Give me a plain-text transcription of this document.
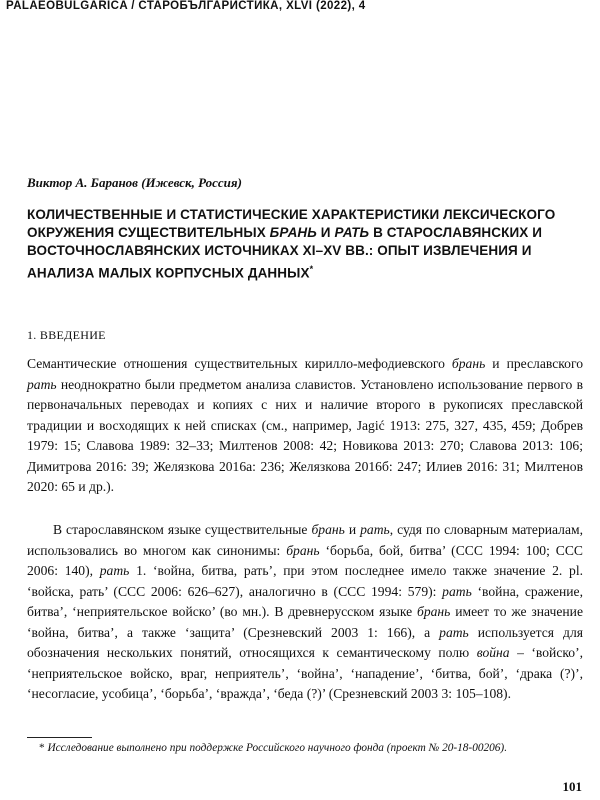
PALAEOBULGARICA / СТАРОБЪЛГАРИСТИКА, XLVI (2022), 4
Виктор А. Баранов (Ижевск, Россия)
КОЛИЧЕСТВЕННЫЕ И СТАТИСТИЧЕСКИЕ ХАРАКТЕРИСТИКИ ЛЕКСИЧЕСКОГО ОКРУЖЕНИЯ СУЩЕСТВИТЕЛЬНЫХ БРАНЬ И РАТЬ В СТАРОСЛАВЯНСКИХ И ВОСТОЧНОСЛАВЯНСКИХ ИСТОЧНИКАХ XI–XV ВВ.: ОПЫТ ИЗВЛЕЧЕНИЯ И АНАЛИЗА МАЛЫХ КОРПУСНЫХ ДАННЫХ*
1. ВВЕДЕНИЕ

Семантические отношения существительных кирилло-мефодиевского брань и преславского рать неоднократно были предметом анализа славистов. Установлено использование первого в первоначальных переводах и копиях с них и наличие второго в рукописях преславской традиции и восходящих к ней списках (см., например, Jagić 1913: 275, 327, 435, 459; Добрев 1979: 15; Славова 1989: 32–33; Милтенов 2008: 42; Новикова 2013: 270; Славова 2013: 106; Димитрова 2016: 39; Желязкова 2016а: 236; Желязкова 2016б: 247; Илиев 2016: 31; Милтенов 2020: 65 и др.).

В старославянском языке существительные брань и рать, судя по словарным материалам, использовались во многом как синонимы: брань ‘борьба, бой, битва’ (ССС 1994: 100; ССС 2006: 140), рать 1. ‘война, битва, рать’, при этом последнее имело также значение 2. pl. ‘войска, рать’ (ССС 2006: 626–627), аналогично в (ССС 1994: 579): рать ‘война, сражение, битва’, ‘неприятельское войско’ (во мн.). В древнерусском языке брань имеет то же значение ‘война, битва’, а также ‘защита’ (Срезневский 2003 1: 166), а рать используется для обозначения нескольких понятий, относящихся к семантическому полю война – ‘войско’, ‘неприятельское войско, враг, неприятель’, ‘война’, ‘нападение’, ‘битва, бой’, ‘драка (?)’, ‘несогласие, усобица’, ‘борьба’, ‘вражда’, ‘беда (?)’ (Срезневский 2003 3: 105–108).

* Исследование выполнено при поддержке Российского научного фонда (проект № 20-18-00206).
101
